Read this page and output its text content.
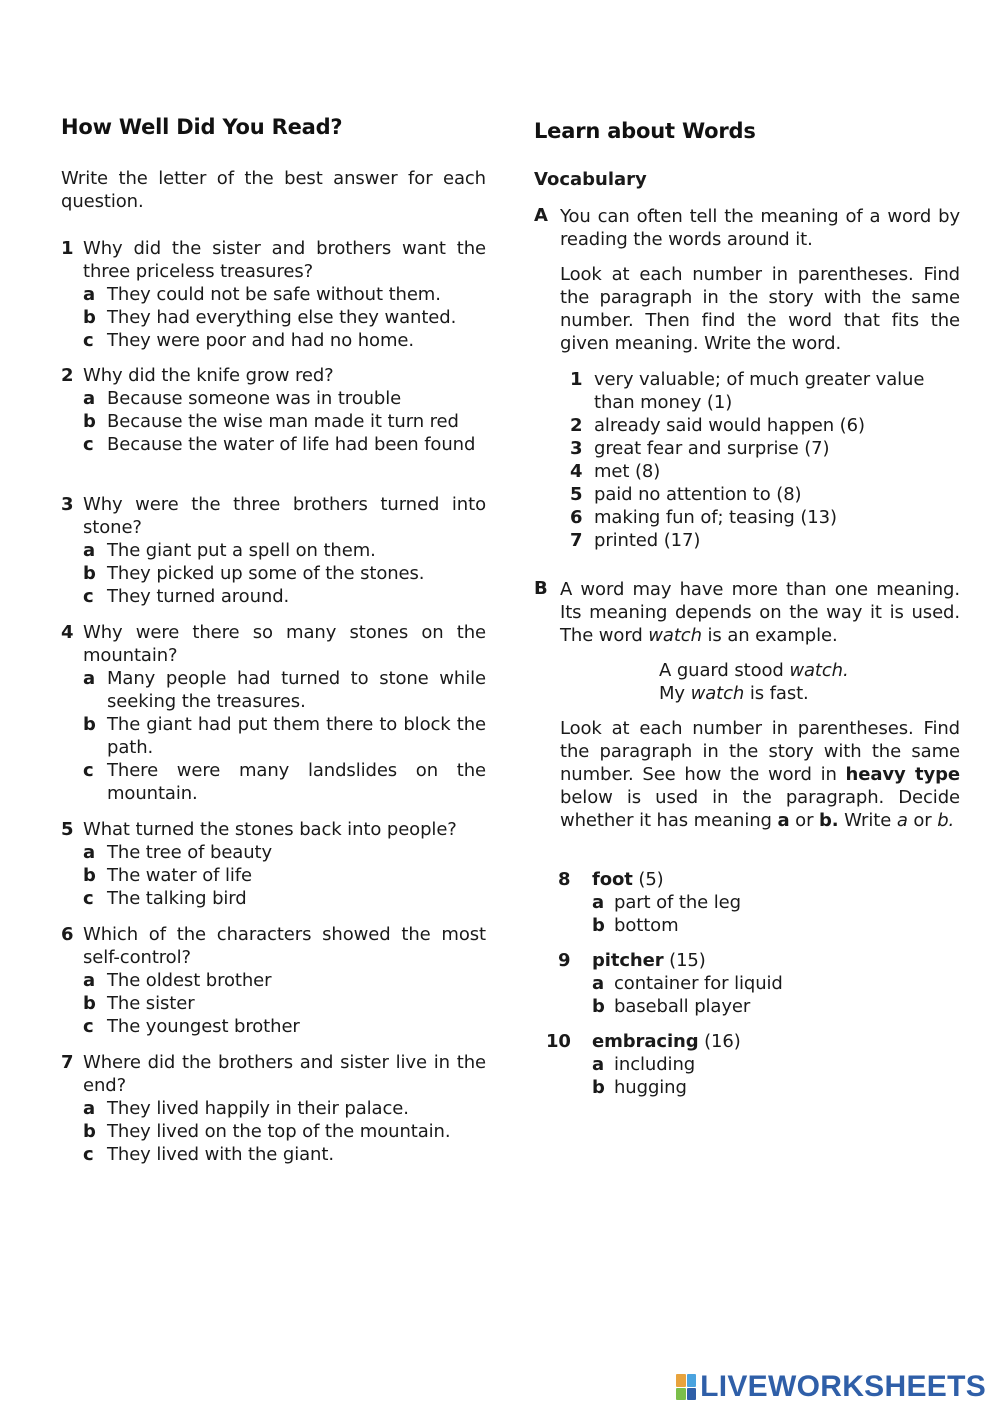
How Well Did You Read?
Write the letter of the best answer for each question.
1 Why did the sister and brothers want the three priceless treasures?
a They could not be safe without them.
b They had everything else they wanted.
c They were poor and had no home.
2 Why did the knife grow red?
a Because someone was in trouble
b Because the wise man made it turn red
c Because the water of life had been found
3 Why were the three brothers turned into stone?
a The giant put a spell on them.
b They picked up some of the stones.
c They turned around.
4 Why were there so many stones on the mountain?
a Many people had turned to stone while seeking the treasures.
b The giant had put them there to block the path.
c There were many landslides on the mountain.
5 What turned the stones back into people?
a The tree of beauty
b The water of life
c The talking bird
6 Which of the characters showed the most self-control?
a The oldest brother
b The sister
c The youngest brother
7 Where did the brothers and sister live in the end?
a They lived happily in their palace.
b They lived on the top of the mountain.
c They lived with the giant.
Learn about Words
Vocabulary
A You can often tell the meaning of a word by reading the words around it.
Look at each number in parentheses. Find the paragraph in the story with the same number. Then find the word that fits the given meaning. Write the word.
1 very valuable; of much greater value than money (1)
2 already said would happen (6)
3 great fear and surprise (7)
4 met (8)
5 paid no attention to (8)
6 making fun of; teasing (13)
7 printed (17)
B A word may have more than one meaning. Its meaning depends on the way it is used. The word watch is an example.
A guard stood watch.
My watch is fast.
Look at each number in parentheses. Find the paragraph in the story with the same number. See how the word in heavy type below is used in the paragraph. Decide whether it has meaning a or b. Write a or b.
8 foot (5)
a part of the leg
b bottom
9 pitcher (15)
a container for liquid
b baseball player
10 embracing (16)
a including
b hugging
LIVEWORKSHEETS
